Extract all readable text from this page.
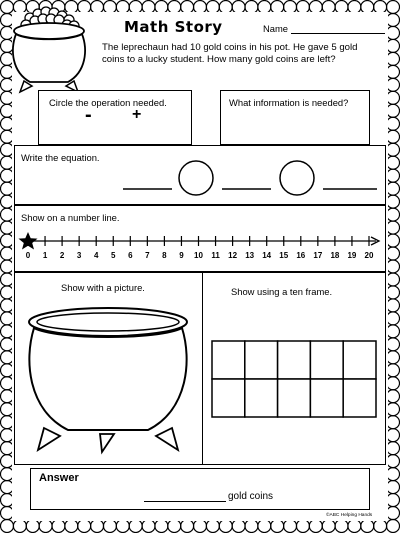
Math Story	Name
The leprechaun had 10 gold coins in his pot. He gave 5 gold coins to a lucky student. How many gold coins are left?
Circle the operation needed.
-	+
What information is needed?
Write the equation.
Show on a number line.
0 1 2 3 4 5 6 7 8 9 10 11 12 13 14 15 16 17 18 19 20
Show with a picture.	Show using a ten frame.
Answer
gold coins
©ABC Helping Hands
